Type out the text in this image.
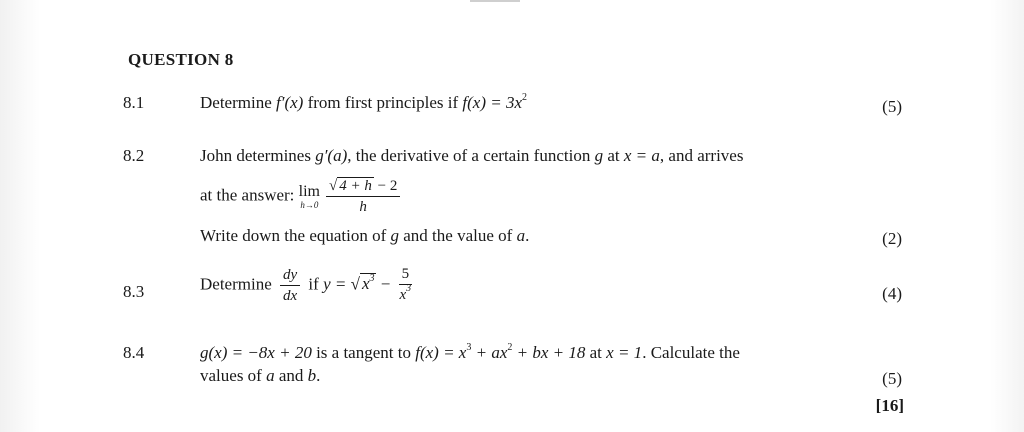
QUESTION 8
8.1	Determine f′(x) from first principles if $f(x) = 3x^2$	(5)
8.2	John determines g′(a), the derivative of a certain function g at x = a, and arrives
at the answer: lim
$h\to 0 \frac{√ 4 + h - 2}{h}$
Write down the equation of g and the value of a.	(2)
8.3	Determine $\frac{dy}{dx}$ if y = √ $x^3 - \frac{5}{x^3}$	(4)
8.4	g(x) = −8x + 20 is a tangent to $f(x) = x^3 + ax^2$ + bx + 18 at x = 1. Calculate the
values of a and b.	(5)
[16]
